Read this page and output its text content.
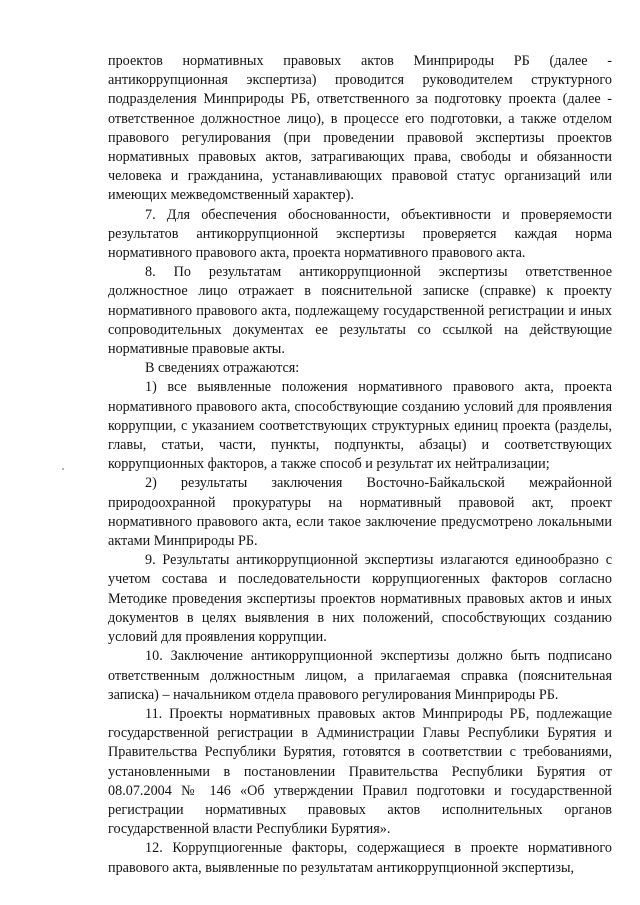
проектов нормативных правовых актов Минприроды РБ (далее - антикоррупционная экспертиза) проводится руководителем структурного подразделения Минприроды РБ, ответственного за подготовку проекта (далее - ответственное должностное лицо), в процессе его подготовки, а также отделом правового регулирования (при проведении правовой экспертизы проектов нормативных правовых актов, затрагивающих права, свободы и обязанности человека и гражданина, устанавливающих правовой статус организаций или имеющих межведомственный характер).

7. Для обеспечения обоснованности, объективности и проверяемости результатов антикоррупционной экспертизы проверяется каждая норма нормативного правового акта, проекта нормативного правового акта.

8. По результатам антикоррупционной экспертизы ответственное должностное лицо отражает в пояснительной записке (справке) к проекту нормативного правового акта, подлежащему государственной регистрации и иных сопроводительных документах ее результаты со ссылкой на действующие нормативные правовые акты.

В сведениях отражаются:

1) все выявленные положения нормативного правового акта, проекта нормативного правового акта, способствующие созданию условий для проявления коррупции, с указанием соответствующих структурных единиц проекта (разделы, главы, статьи, части, пункты, подпункты, абзацы) и соответствующих коррупционных факторов, а также способ и результат их нейтрализации;

2) результаты заключения Восточно-Байкальской межрайонной природоохранной прокуратуры на нормативный правовой акт, проект нормативного правового акта, если такое заключение предусмотрено локальными актами Минприроды РБ.

9. Результаты антикоррупционной экспертизы излагаются единообразно с учетом состава и последовательности коррупциогенных факторов согласно Методике проведения экспертизы проектов нормативных правовых актов и иных документов в целях выявления в них положений, способствующих созданию условий для проявления коррупции.

10. Заключение антикоррупционной экспертизы должно быть подписано ответственным должностным лицом, а прилагаемая справка (пояснительная записка) – начальником отдела правового регулирования Минприроды РБ.

11. Проекты нормативных правовых актов Минприроды РБ, подлежащие государственной регистрации в Администрации Главы Республики Бурятия и Правительства Республики Бурятия, готовятся в соответствии с требованиями, установленными в постановлении Правительства Республики Бурятия от 08.07.2004 № 146 «Об утверждении Правил подготовки и государственной регистрации нормативных правовых актов исполнительных органов государственной власти Республики Бурятия».

12. Коррупциогенные факторы, содержащиеся в проекте нормативного правового акта, выявленные по результатам антикоррупционной экспертизы,
